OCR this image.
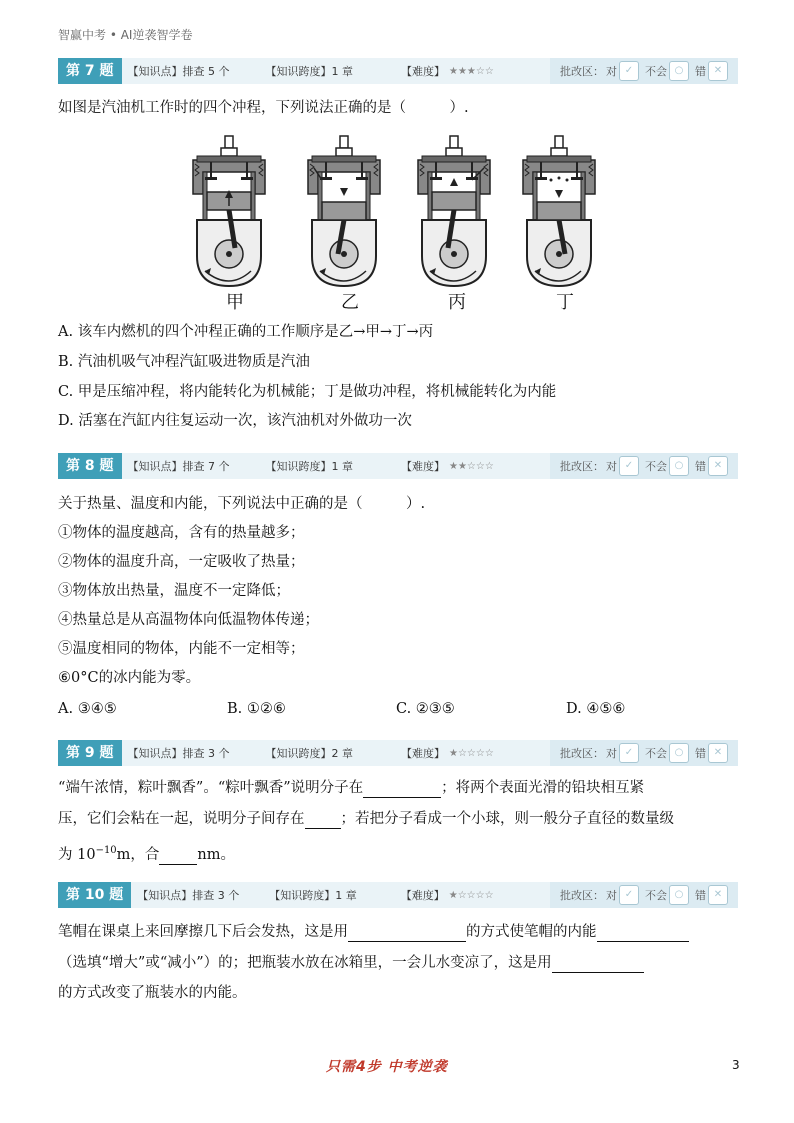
智赢中考 • AI逆袭智学卷
第 7 题	【知识点】排查 5 个	【知识跨度】1 章	【难度】 ★★★☆☆	批改区： 对 ✓	不会 ○	错 ✕
如图是汽油机工作时的四个冲程，下列说法正确的是（　　　）.
甲	乙	丙	丁
A. 该车内燃机的四个冲程正确的工作顺序是乙→甲→丁→丙
B. 汽油机吸气冲程汽缸吸进物质是汽油
C. 甲是压缩冲程，将内能转化为机械能；丁是做功冲程，将机械能转化为内能
D. 活塞在汽缸内往复运动一次，该汽油机对外做功一次
第 8 题	【知识点】排查 7 个	【知识跨度】1 章	【难度】 ★★☆☆☆	批改区： 对 ✓	不会 ○	错 ✕
关于热量、温度和内能，下列说法中正确的是（　　　）.
①物体的温度越高，含有的热量越多；
②物体的温度升高，一定吸收了热量；
③物体放出热量，温度不一定降低；
④热量总是从高温物体向低温物体传递；
⑤温度相同的物体，内能不一定相等；
⑥0°C的冰内能为零。
A. ③④⑤	B. ①②⑥	C. ②③⑤	D. ④⑤⑥
第 9 题	【知识点】排查 3 个	【知识跨度】2 章	【难度】 ★☆☆☆☆	批改区： 对 ✓	不会 ○	错 ✕
“端午浓情，粽叶飘香”。“粽叶飘香”说明分子在	；将两个表面光滑的铅块相互紧
压，它们会粘在一起，说明分子间存在 ；若把分子看成一个小球，则一般分子直径的数量级
为 $10^{-10}m$，合	nm。
第 10 题	【知识点】排查 3 个	【知识跨度】1 章	【难度】 ★☆☆☆☆	批改区： 对 ✓	不会 ○	错 ✕
笔帽在课桌上来回摩擦几下后会发热，这是用	的方式使笔帽的内能
（选填“增大”或“减小”）的；把瓶装水放在冰箱里，一会儿水变凉了，这是用
的方式改变了瓶装水的内能。
只需4步 中考逆袭	3
